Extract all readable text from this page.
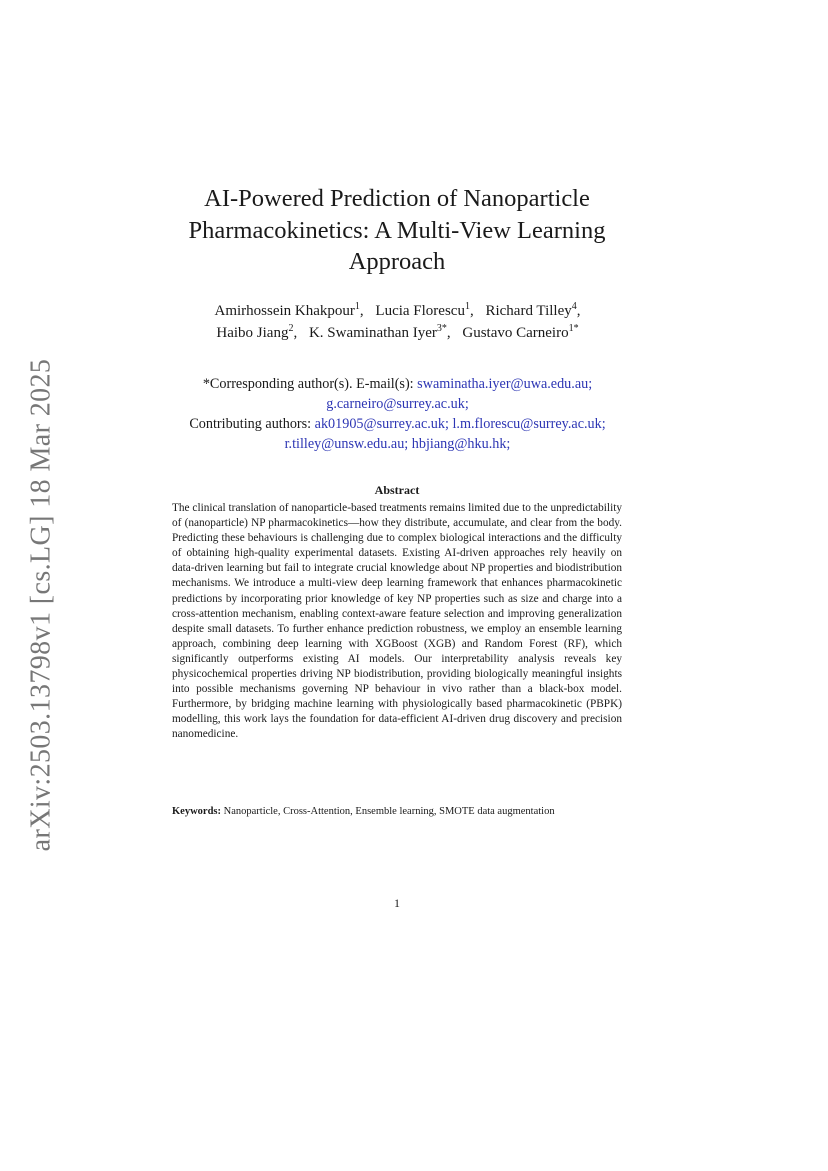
arXiv:2503.13798v1 [cs.LG] 18 Mar 2025
AI-Powered Prediction of Nanoparticle Pharmacokinetics: A Multi-View Learning Approach
Amirhossein Khakpour$^1$, Lucia Florescu$^1$, Richard Tilley$^4$,
Haibo Jiang$^2$, K. Swaminathan Iyer$^{3*}$, Gustavo Carneiro$^{1*}$
*Corresponding author(s). E-mail(s): swaminatha.iyer@uwa.edu.au;
g.carneiro@surrey.ac.uk;
Contributing authors: ak01905@surrey.ac.uk; l.m.florescu@surrey.ac.uk;
r.tilley@unsw.edu.au; hbjiang@hku.hk;
Abstract

The clinical translation of nanoparticle-based treatments remains limited due to the unpredictability of (nanoparticle) NP pharmacokinetics—how they distribute, accumulate, and clear from the body. Predicting these behaviours is challenging due to complex biological interactions and the difficulty of obtaining high-quality experimental datasets. Existing AI-driven approaches rely heavily on data-driven learning but fail to integrate crucial knowledge about NP properties and biodistribution mechanisms. We introduce a multi-view deep learning framework that enhances pharmacokinetic predictions by incorporating prior knowledge of key NP properties such as size and charge into a cross-attention mechanism, enabling context-aware feature selection and improving generalization despite small datasets. To further enhance prediction robustness, we employ an ensemble learning approach, combining deep learning with XGBoost (XGB) and Random Forest (RF), which significantly outperforms existing AI models. Our interpretability analysis reveals key physicochemical properties driving NP biodistribution, providing biologically meaningful insights into possible mechanisms governing NP behaviour in vivo rather than a black-box model. Furthermore, by bridging machine learning with physiologically based pharmacokinetic (PBPK) modelling, this work lays the foundation for data-efficient AI-driven drug discovery and precision nanomedicine.

Keywords: Nanoparticle, Cross-Attention, Ensemble learning, SMOTE data augmentation
1
